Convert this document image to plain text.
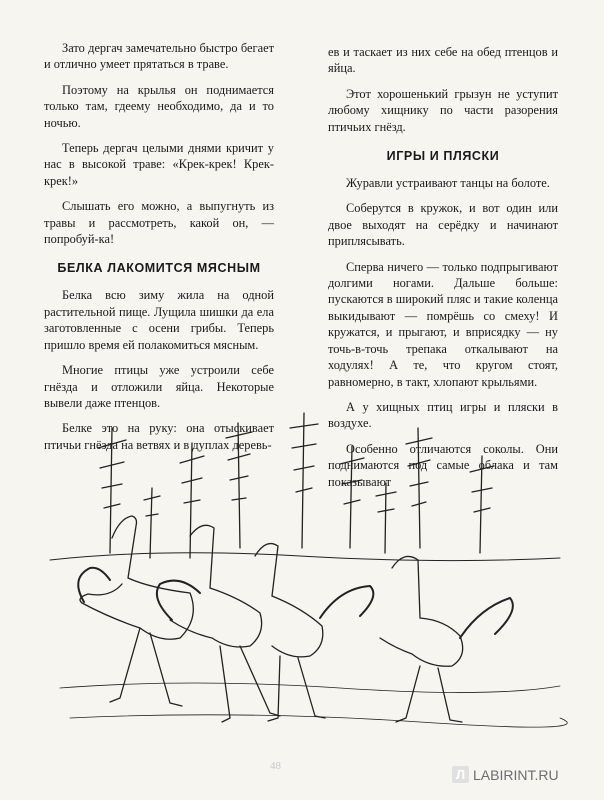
Зато дергач замечательно быстро бегает и отлично умеет прятаться в траве.

Поэтому на крылья он поднимается только там, гдеему необходимо, да и то ночью.

Теперь дергач целыми днями кричит у нас в высокой траве: «Крек-крек! Крек-крек!»

Слышать его можно, а выпугнуть из травы и рассмотреть, какой он, — попробуй-ка!

БЕЛКА ЛАКОМИТСЯ МЯСНЫМ

Белка всю зиму жила на одной растительной пище. Лущила шишки да ела заготовленные с осени грибы. Теперь пришло время ей полакомиться мясным.

Многие птицы уже устроили себе гнёзда и отложили яйца. Некоторые вывели даже птенцов.

Белке это на руку: она отыскивает птичьи гнёзда на ветвях и в дуплах деревь-

ев и таскает из них себе на обед птенцов и яйца.

Этот хорошенький грызун не уступит любому хищнику по части разорения птичьих гнёзд.

ИГРЫ И ПЛЯСКИ

Журавли устраивают танцы на болоте.

Соберутся в кружок, и вот один или двое выходят на серёдку и начинают приплясывать.

Сперва ничего — только подпрыгивают долгими ногами. Дальше больше: пускаются в широкий пляс и такие коленца выкидывают — помрёшь со смеху! И кружатся, и прыгают, и вприсядку — ну точь-в-точь трепака откалывают на ходулях! А те, что кругом стоят, равномерно, в такт, хлопают крыльями.

А у хищных птиц игры и пляски в воздухе.

Особенно отличаются соколы. Они поднимаются под самые облака и там показывают

48
Л LABIRINT.RU
